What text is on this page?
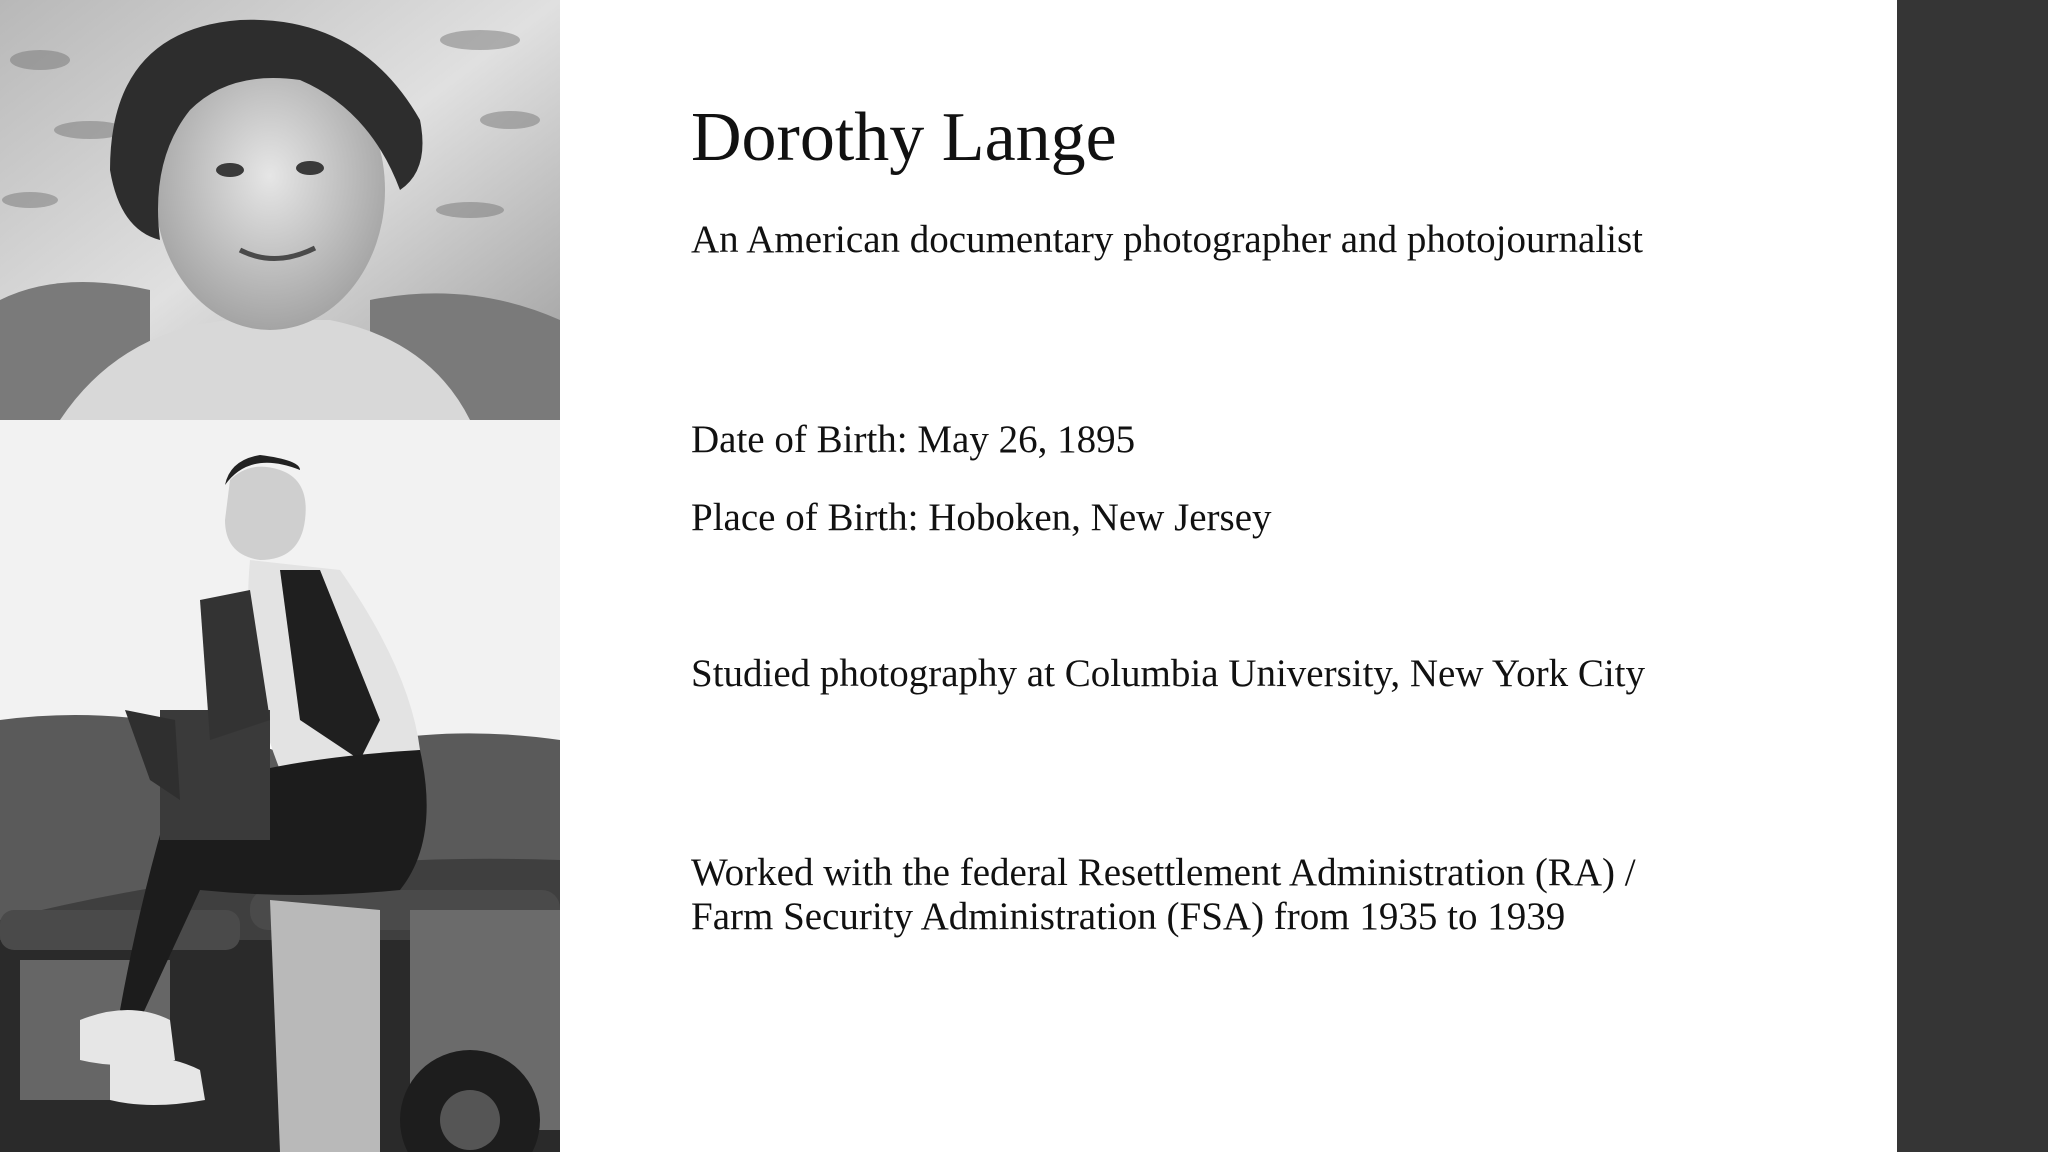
Dorothy Lange

An American documentary photographer and photojournalist

Date of Birth: May 26, 1895

Place of Birth: Hoboken, New Jersey

Studied photography at Columbia University, New York City

Worked with the federal Resettlement Administration (RA) / Farm Security Administration (FSA) from 1935 to 1939
